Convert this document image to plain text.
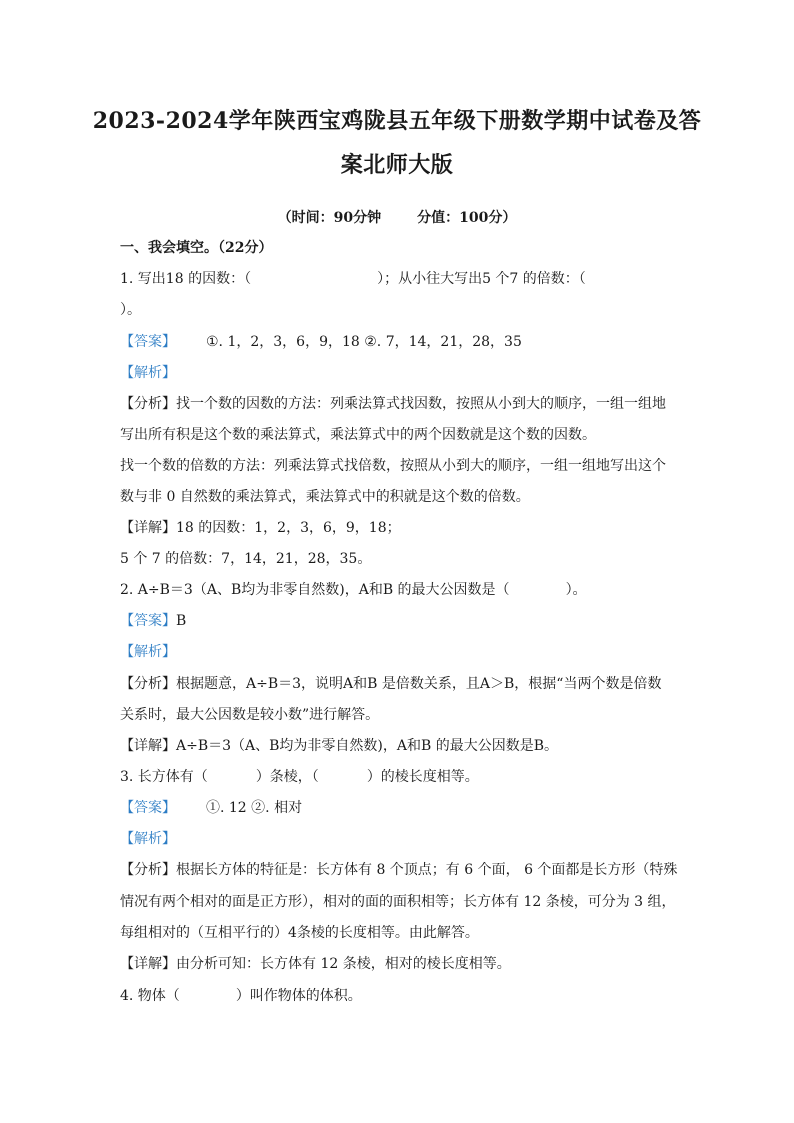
2023-2024学年陕西宝鸡陇县五年级下册数学期中试卷及答
案北师大版
（时间：90分钟	分值：100分）
一、我会填空。（22分）
1. 写出18 的因数：（	）；从小往大写出5 个7 的倍数：（
）。
【答案】 ①. 1，2，3，6，9，18 ②. 7，14，21，28，35
【解析】
【分析】找一个数的因数的方法：列乘法算式找因数，按照从小到大的顺序，一组一组地
写出所有积是这个数的乘法算式，乘法算式中的两个因数就是这个数的因数。
找一个数的倍数的方法：列乘法算式找倍数，按照从小到大的顺序，一组一组地写出这个
数与非 0 自然数的乘法算式，乘法算式中的积就是这个数的倍数。
【详解】18 的因数：1，2，3，6，9，18；
5 个 7 的倍数：7，14，21，28，35。
2. A÷B＝3（A、B均为非零自然数)，A和B 的最大公因数是（	）。
【答案】B
【解析】
【分析】根据题意，A÷B＝3，说明A和B 是倍数关系，且A＞B，根据“当两个数是倍数
关系时，最大公因数是较小数”进行解答。
【详解】A÷B＝3（A、B均为非零自然数)，A和B 的最大公因数是B。
3. 长方体有（	）条棱，（	）的棱长度相等。
【答案】 ①. 12 ②. 相对
【解析】
【分析】根据长方体的特征是：长方体有 8 个顶点；有 6 个面， 6 个面都是长方形（特殊
情况有两个相对的面是正方形），相对的面的面积相等；长方体有 12 条棱，可分为 3 组，
每组相对的（互相平行的）4条棱的长度相等。由此解答。
【详解】由分析可知：长方体有 12 条棱，相对的棱长度相等。
4. 物体（	）叫作物体的体积。
